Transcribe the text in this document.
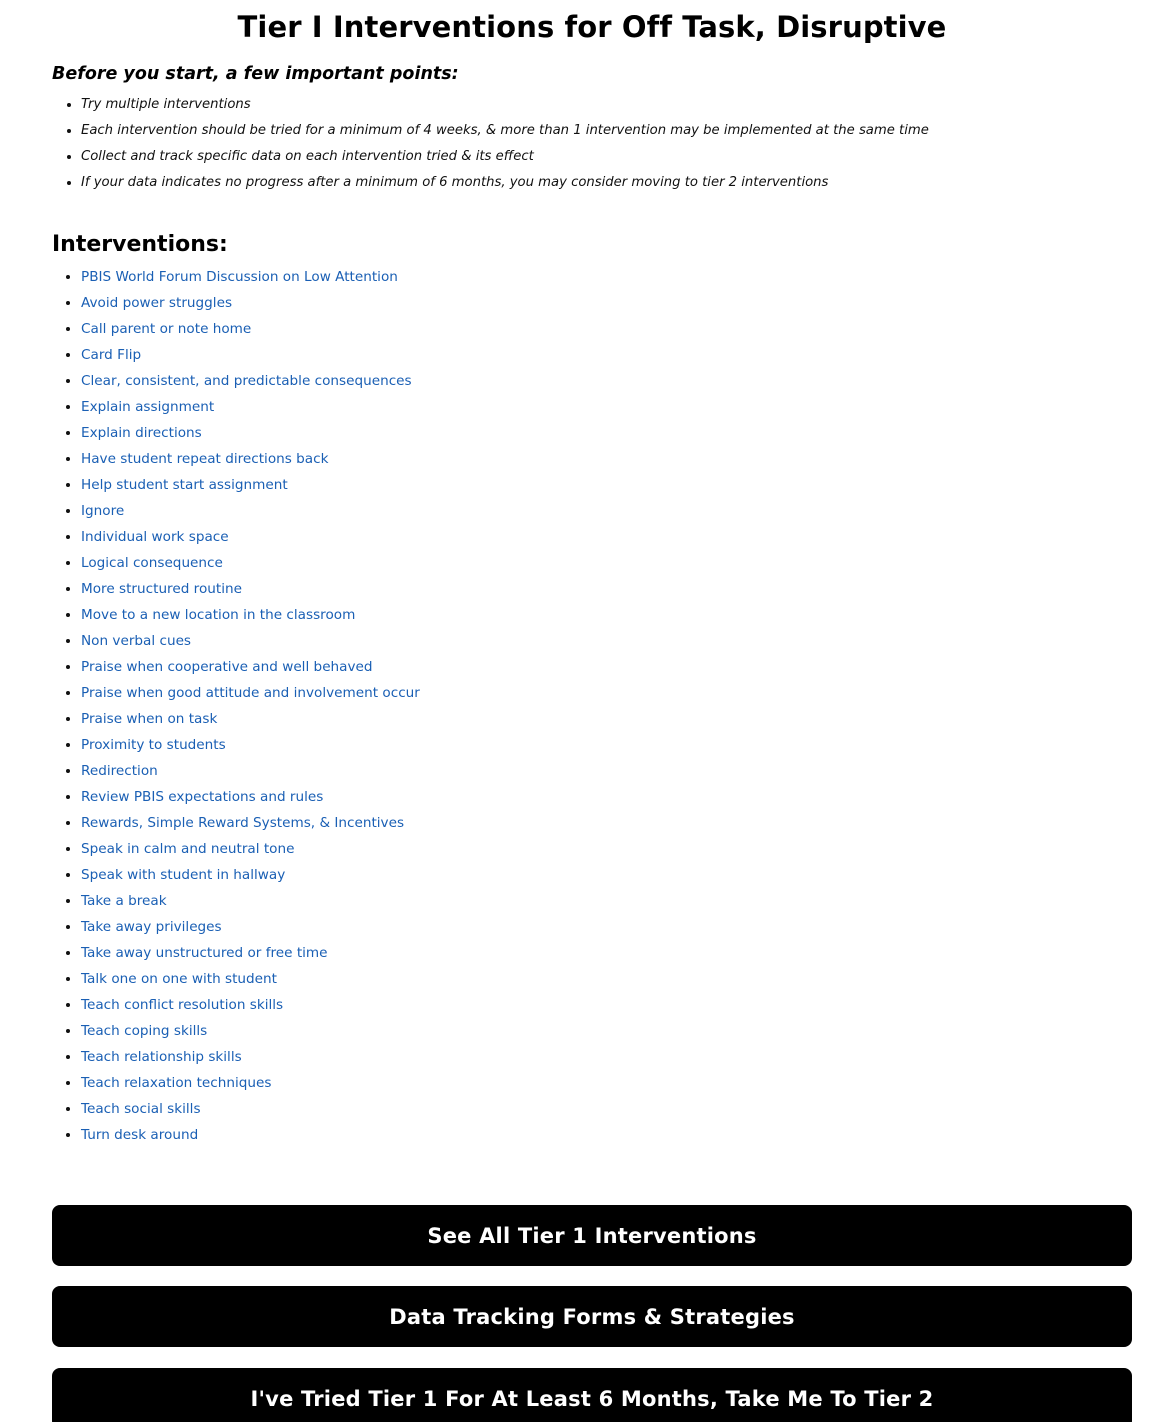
Tier I Interventions for Off Task, Disruptive

Before you start, a few important points:

• Try multiple interventions
• Each intervention should be tried for a minimum of 4 weeks, & more than 1 intervention may be implemented at the same time
• Collect and track specific data on each intervention tried & its effect
• If your data indicates no progress after a minimum of 6 months, you may consider moving to tier 2 interventions
Interventions:
• PBIS World Forum Discussion on Low Attention
• Avoid power struggles
• Call parent or note home
• Card Flip
• Clear, consistent, and predictable consequences
• Explain assignment
• Explain directions
• Have student repeat directions back
• Help student start assignment
• Ignore
• Individual work space
• Logical consequence
• More structured routine
• Move to a new location in the classroom
• Non verbal cues
• Praise when cooperative and well behaved
• Praise when good attitude and involvement occur
• Praise when on task
• Proximity to students
• Redirection
• Review PBIS expectations and rules
• Rewards, Simple Reward Systems, & Incentives
• Speak in calm and neutral tone
• Speak with student in hallway
• Take a break
• Take away privileges
• Take away unstructured or free time
• Talk one on one with student
• Teach conflict resolution skills
• Teach coping skills
• Teach relationship skills
• Teach relaxation techniques
• Teach social skills
• Turn desk around
See All Tier 1 Interventions
Data Tracking Forms & Strategies
I've Tried Tier 1 For At Least 6 Months, Take Me To Tier 2
